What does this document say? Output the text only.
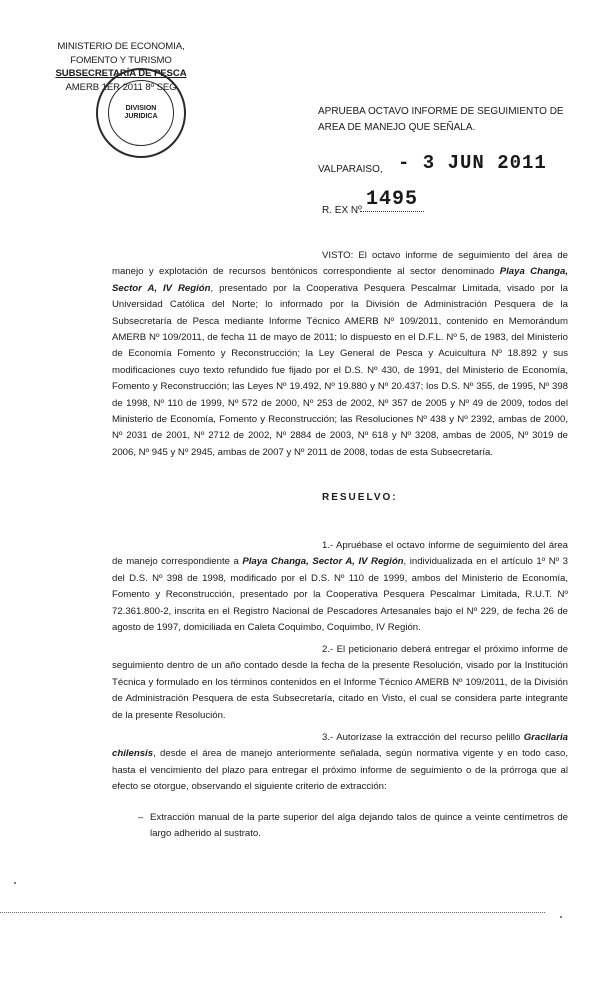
MINISTERIO DE ECONOMIA,
FOMENTO Y TURISMO
SUBSECRETARÍA DE PESCA
AMERB 1ER 2011 8º SEG
DIVISION
JURIDICA	APRUEBA OCTAVO INFORME DE SEGUIMIENTO DE AREA DE MANEJO QUE SEÑALA.
VALPARAISO, - 3 JUN 2011
R. EX Nº 1495
VISTO: El octavo informe de seguimiento del área de manejo y explotación de recursos bentónicos correspondiente al sector denominado Playa Changa, Sector A, IV Región, presentado por la Cooperativa Pesquera Pescalmar Limitada, visado por la Universidad Católica del Norte; lo informado por la División de Administración Pesquera de la Subsecretaría de Pesca mediante Informe Técnico AMERB Nº 109/2011, contenido en Memorándum AMERB Nº 109/2011, de fecha 11 de mayo de 2011; lo dispuesto en el D.F.L. Nº 5, de 1983, del Ministerio de Economía Fomento y Reconstrucción; la Ley General de Pesca y Acuicultura Nº 18.892 y sus modificaciones cuyo texto refundido fue fijado por el D.S. Nº 430, de 1991, del Ministerio de Economía, Fomento y Reconstrucción; las Leyes Nº 19.492, Nº 19.880 y Nº 20.437; los D.S. Nº 355, de 1995, Nº 398 de 1998, Nº 110 de 1999, Nº 572 de 2000, Nº 253 de 2002, Nº 357 de 2005 y Nº 49 de 2009, todos del Ministerio de Economía, Fomento y Reconstrucción; las Resoluciones Nº 438 y Nº 2392, ambas de 2000, Nº 2031 de 2001, Nº 2712 de 2002, Nº 2884 de 2003, Nº 618 y Nº 3208, ambas de 2005, Nº 3019 de 2006, Nº 945 y Nº 2945, ambas de 2007 y Nº 2011 de 2008, todas de esta Subsecretaría.
RESUELVO:
1.- Apruébase el octavo informe de seguimiento del área de manejo correspondiente a Playa Changa, Sector A, IV Región, individualizada en el artículo 1º Nº 3 del D.S. Nº 398 de 1998, modificado por el D.S. Nº 110 de 1999, ambos del Ministerio de Economía, Fomento y Reconstrucción, presentado por la Cooperativa Pesquera Pescalmar Limitada, R.U.T. Nº 72.361.800-2, inscrita en el Registro Nacional de Pescadores Artesanales bajo el Nº 229, de fecha 26 de agosto de 1997, domiciliada en Caleta Coquimbo, Coquimbo, IV Región.
2.- El peticionario deberá entregar el próximo informe de seguimiento dentro de un año contado desde la fecha de la presente Resolución, visado por la Institución Técnica y formulado en los términos contenidos en el Informe Técnico AMERB Nº 109/2011, de la División de Administración Pesquera de esta Subsecretaría, citado en Visto, el cual se considera parte integrante de la presente Resolución.
3.- Autorízase la extracción del recurso pelillo Gracilaria chilensis, desde el área de manejo anteriormente señalada, según normativa vigente y en todo caso, hasta el vencimiento del plazo para entregar el próximo informe de seguimiento o de la prórroga que al efecto se otorgue, observando el siguiente criterio de extracción:
– Extracción manual de la parte superior del alga dejando talos de quince a veinte centímetros de largo adherido al sustrato.
